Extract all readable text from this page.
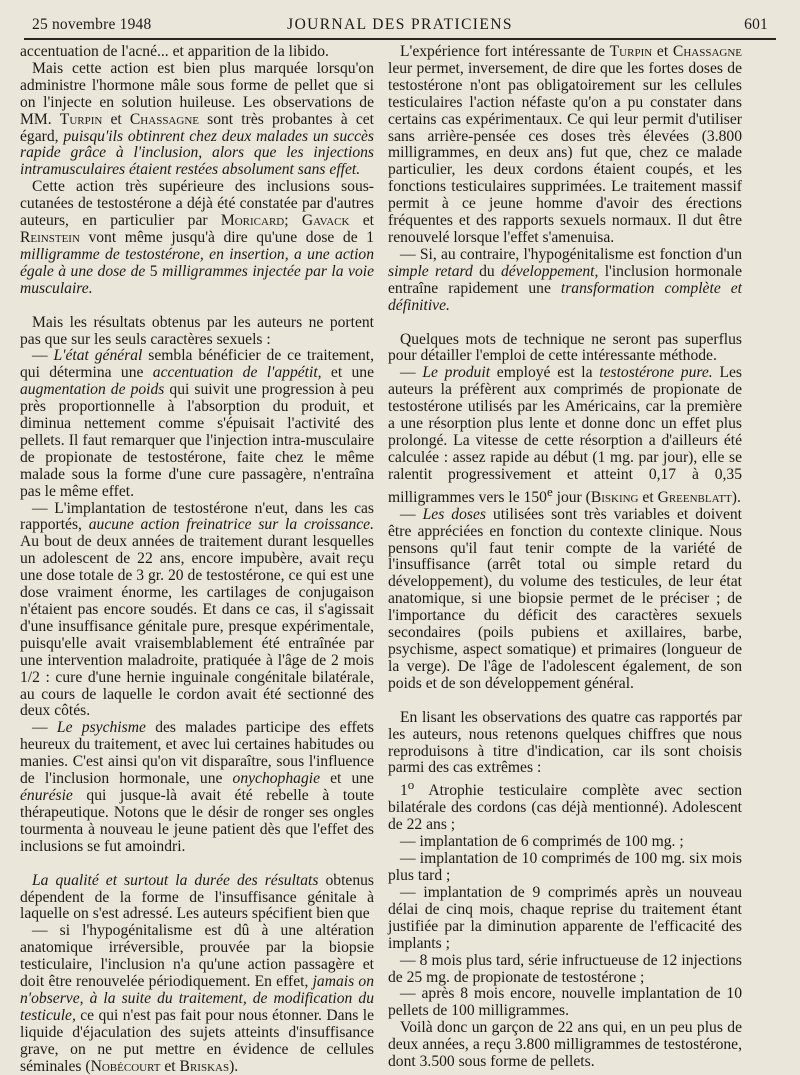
25 novembre 1948	JOURNAL DES PRATICIENS	601

accentuation de l'acné... et apparition de la libido.

Mais cette action est bien plus marquée lorsqu'on administre l'hormone mâle sous forme de pellet que si on l'injecte en solution huileuse. Les observations de MM. Turpin et Chassagne sont très probantes à cet égard, puisqu'ils obtinrent chez deux malades un succès rapide grâce à l'inclusion, alors que les injections intramusculaires étaient restées absolument sans effet.

Cette action très supérieure des inclusions sous-cutanées de testostérone a déjà été constatée par d'autres auteurs, en particulier par Moricard; Gavack et Reinstein vont même jusqu'à dire qu'une dose de 1 milligramme de testostérone, en insertion, a une action égale à une dose de 5 milligrammes injectée par la voie musculaire.

Mais les résultats obtenus par les auteurs ne portent pas que sur les seuls caractères sexuels :

— L'état général sembla bénéficier de ce traitement, qui détermina une accentuation de l'appétit, et une augmentation de poids qui suivit une progression à peu près proportionnelle à l'absorption du produit, et diminua nettement comme s'épuisait l'activité des pellets. Il faut remarquer que l'injection intra-musculaire de propionate de testostérone, faite chez le même malade sous la forme d'une cure passagère, n'entraîna pas le même effet.

— L'implantation de testostérone n'eut, dans les cas rapportés, aucune action freinatrice sur la croissance. Au bout de deux années de traitement durant lesquelles un adolescent de 22 ans, encore impubère, avait reçu une dose totale de 3 gr. 20 de testostérone, ce qui est une dose vraiment énorme, les cartilages de conjugaison n'étaient pas encore soudés. Et dans ce cas, il s'agissait d'une insuffisance génitale pure, presque expérimentale, puisqu'elle avait vraisemblablement été entraînée par une intervention maladroite, pratiquée à l'âge de 2 mois 1/2 : cure d'une hernie inguinale congénitale bilatérale, au cours de laquelle le cordon avait été sectionné des deux côtés.

— Le psychisme des malades participe des effets heureux du traitement, et avec lui certaines habitudes ou manies. C'est ainsi qu'on vit disparaître, sous l'influence de l'inclusion hormonale, une onychophagie et une énurésie qui jusque-là avait été rebelle à toute thérapeutique. Notons que le désir de ronger ses ongles tourmenta à nouveau le jeune patient dès que l'effet des inclusions se fut amoindri.

La qualité et surtout la durée des résultats obtenus dépendent de la forme de l'insuffisance génitale à laquelle on s'est adressé. Les auteurs spécifient bien que

— si l'hypogénitalisme est dû à une altération anatomique irréversible, prouvée par la biopsie testiculaire, l'inclusion n'a qu'une action passagère et doit être renouvelée périodiquement. En effet, jamais on n'observe, à la suite du traitement, de modification du testicule, ce qui n'est pas fait pour nous étonner. Dans le liquide d'éjaculation des sujets atteints d'insuffisance grave, on ne put mettre en évidence de cellules séminales (Nobécourt et Briskas).

L'expérience fort intéressante de Turpin et Chassagne leur permet, inversement, de dire que les fortes doses de testostérone n'ont pas obligatoirement sur les cellules testiculaires l'action néfaste qu'on a pu constater dans certains cas expérimentaux. Ce qui leur permit d'utiliser sans arrière-pensée ces doses très élevées (3.800 milligrammes, en deux ans) fut que, chez ce malade particulier, les deux cordons étaient coupés, et les fonctions testiculaires supprimées. Le traitement massif permit à ce jeune homme d'avoir des érections fréquentes et des rapports sexuels normaux. Il dut être renouvelé lorsque l'effet s'amenuisa.

— Si, au contraire, l'hypogénitalisme est fonction d'un simple retard du développement, l'inclusion hormonale entraîne rapidement une transformation complète et définitive.

Quelques mots de technique ne seront pas superflus pour détailler l'emploi de cette intéressante méthode.

— Le produit employé est la testostérone pure. Les auteurs la préfèrent aux comprimés de propionate de testostérone utilisés par les Américains, car la première a une résorption plus lente et donne donc un effet plus prolongé. La vitesse de cette résorption a d'ailleurs été calculée : assez rapide au début (1 mg. par jour), elle se ralentit progressivement et atteint 0,17 à 0,35 milligrammes vers le 150e jour (Bisking et Greenblatt).

— Les doses utilisées sont très variables et doivent être appréciées en fonction du contexte clinique. Nous pensons qu'il faut tenir compte de la variété de l'insuffisance (arrêt total ou simple retard du développement), du volume des testicules, de leur état anatomique, si une biopsie permet de le préciser ; de l'importance du déficit des caractères sexuels secondaires (poils pubiens et axillaires, barbe, psychisme, aspect somatique) et primaires (longueur de la verge). De l'âge de l'adolescent également, de son poids et de son développement général.

En lisant les observations des quatre cas rapportés par les auteurs, nous retenons quelques chiffres que nous reproduisons à titre d'indication, car ils sont choisis parmi des cas extrêmes :

1$^o$ Atrophie testiculaire complète avec section bilatérale des cordons (cas déjà mentionné). Adolescent de 22 ans ;

— implantation de 6 comprimés de 100 mg. ;

— implantation de 10 comprimés de 100 mg. six mois plus tard ;

— implantation de 9 comprimés après un nouveau délai de cinq mois, chaque reprise du traitement étant justifiée par la diminution apparente de l'efficacité des implants ;

— 8 mois plus tard, série infructueuse de 12 injections de 25 mg. de propionate de testostérone ;

— après 8 mois encore, nouvelle implantation de 10 pellets de 100 milligrammes.

Voilà donc un garçon de 22 ans qui, en un peu plus de deux années, a reçu 3.800 milligrammes de testostérone, dont 3.500 sous forme de pellets.
